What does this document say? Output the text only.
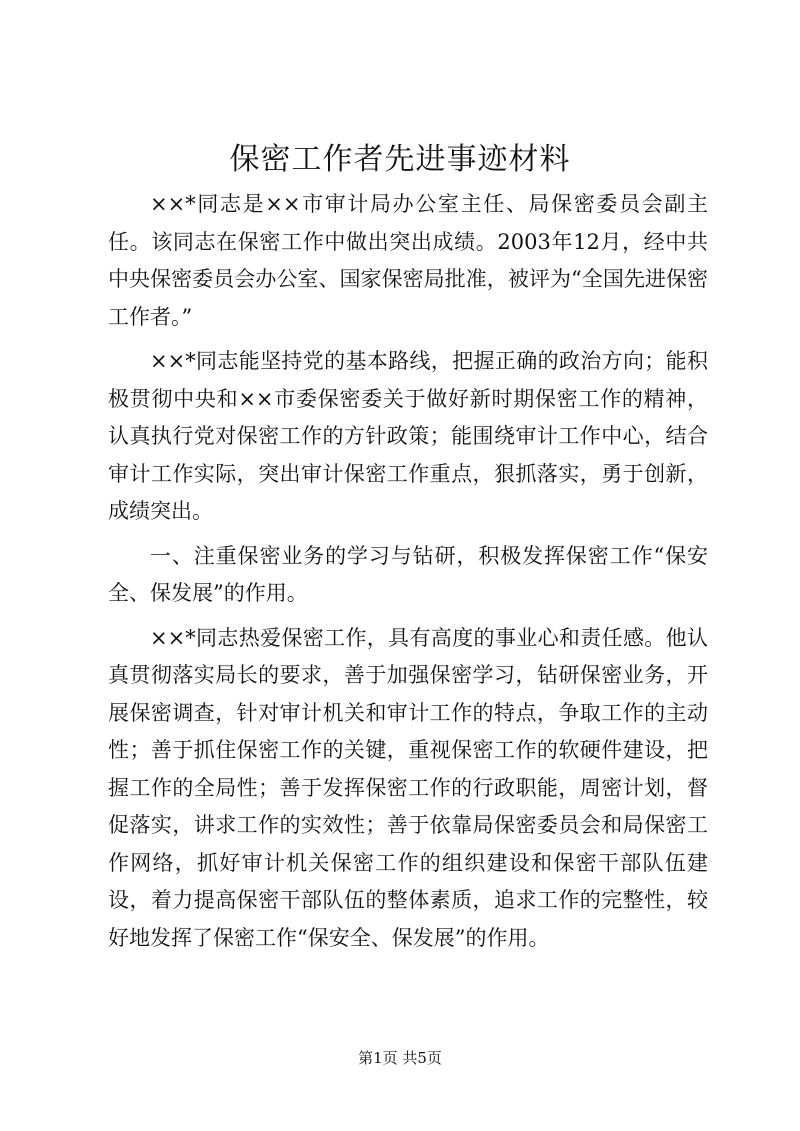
保密工作者先进事迹材料

××*同志是××市审计局办公室主任、局保密委员会副主任。该同志在保密工作中做出突出成绩。2003年12月，经中共中央保密委员会办公室、国家保密局批准，被评为“全国先进保密工作者。”

××*同志能坚持党的基本路线，把握正确的政治方向；能积极贯彻中央和××市委保密委关于做好新时期保密工作的精神，认真执行党对保密工作的方针政策；能围绕审计工作中心，结合审计工作实际，突出审计保密工作重点，狠抓落实，勇于创新，成绩突出。

一、注重保密业务的学习与钻研，积极发挥保密工作“保安全、保发展”的作用。

××*同志热爱保密工作，具有高度的事业心和责任感。他认真贯彻落实局长的要求，善于加强保密学习，钻研保密业务，开展保密调查，针对审计机关和审计工作的特点，争取工作的主动性；善于抓住保密工作的关键，重视保密工作的软硬件建设，把握工作的全局性；善于发挥保密工作的行政职能，周密计划，督促落实，讲求工作的实效性；善于依靠局保密委员会和局保密工作网络，抓好审计机关保密工作的组织建设和保密干部队伍建设，着力提高保密干部队伍的整体素质，追求工作的完整性，较好地发挥了保密工作“保安全、保发展”的作用。

第1页 共5页
